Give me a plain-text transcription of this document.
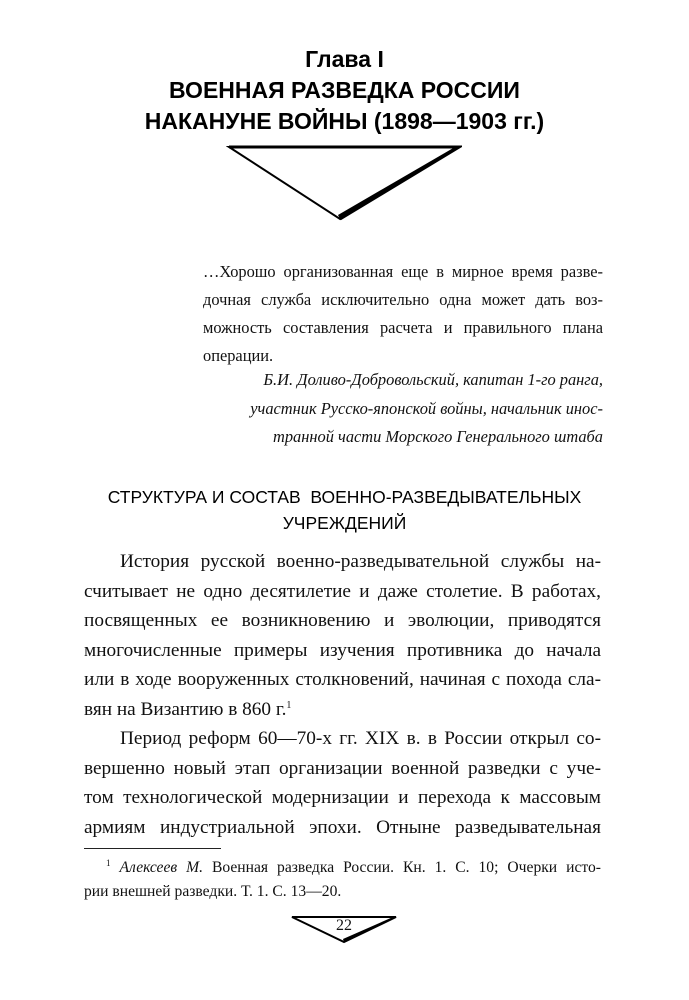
Глава I
ВОЕННАЯ РАЗВЕДКА РОССИИ
НАКАНУНЕ ВОЙНЫ (1898—1903 гг.)
…Хорошо организованная еще в мирное время разве-
дочная служба исключительно одна может дать воз-
можность составления расчета и правильного плана
операции.
Б.И. Доливо-Добровольский, капитан 1-го ранга,
участник Русско-японской войны, начальник инос-
транной части Морского Генерального штаба
СТРУКТУРА И СОСТАВ  ВОЕННО-РАЗВЕДЫВАТЕЛЬНЫХ
УЧРЕЖДЕНИЙ
История русской военно-разведывательной службы на-
считывает не одно десятилетие и даже столетие. В работах,
посвященных ее возникновению и эволюции, приводятся
многочисленные примеры изучения противника до начала
или в ходе вооруженных столкновений, начиная с похода сла-
вян на Византию в 860 г.$^1$
Период реформ 60—70-х гг. XIX в. в России открыл со-
вершенно новый этап организации военной разведки с уче-
том технологической модернизации и перехода к массовым
армиям индустриальной эпохи. Отныне разведывательная
$^1$ Алексеев М. Военная разведка России. Кн. 1. С. 10; Очерки исто-
рии внешней разведки. Т. 1. С. 13—20.
22
